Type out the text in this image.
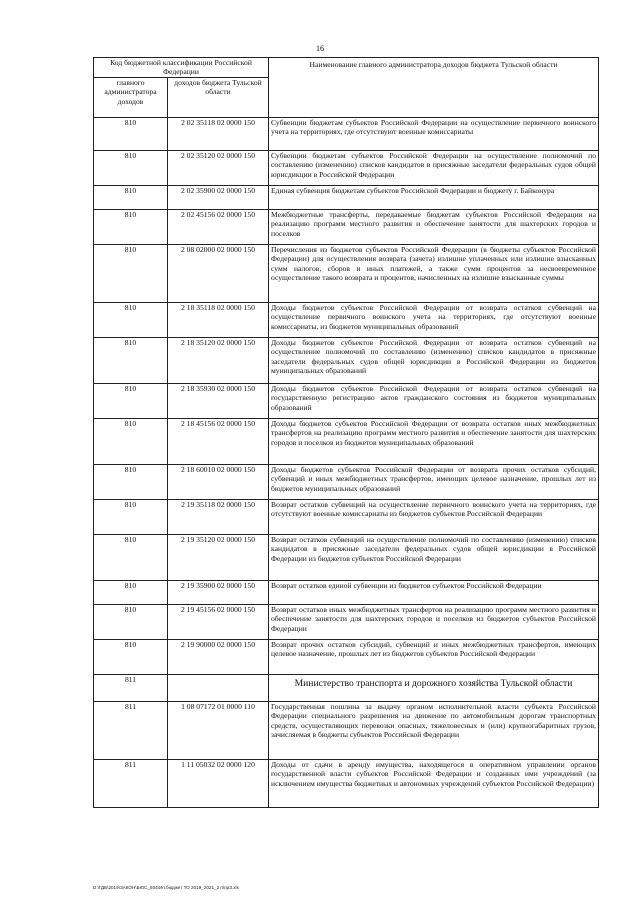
16
Код бюджетной классификации Российской Федерации		Наименование главного администратора доходов бюджета Тульской области
главного администратора доходов	доходов бюджета Тульской области	
810	2 02 35118 02 0000 150	Субвенции бюджетам субъектов Российской Федерации на осуществление первичного воинского учета на территориях, где отсутствуют военные комиссариаты
810	2 02 35120 02 0000 150	Субвенции бюджетам субъектов Российской Федерации на осуществление полномочий по составлению (изменению) списков кандидатов в присяжные заседатели федеральных судов общей юрисдикции в Российской Федерации
810	2 02 35900 02 0000 150	Единая субвенция бюджетам субъектов Российской Федерации и бюджету г. Байконура
810	2 02 45156 02 0000 150	Межбюджетные трансферты, передаваемые бюджетам субъектов Российской Федерации на реализацию программ местного развития и обеспечение занятости для шахтерских городов и поселков
810	2 08 02000 02 0000 150	Перечисления из бюджетов субъектов Российской Федерации (в бюджеты субъектов Российской Федерации) для осуществления возврата (зачета) излишне уплаченных или излишне взысканных сумм налогов, сборов и иных платежей, а также сумм процентов за несвоевременное осуществление такого возврата и процентов, начисленных на излишне взысканные суммы
810	2 18 35118 02 0000 150	Доходы бюджетов субъектов Российской Федерации от возврата остатков субвенций на осуществление первичного воинского учета на территориях, где отсутствуют военные комиссариаты, из бюджетов муниципальных образований
810	2 18 35120 02 0000 150	Доходы бюджетов субъектов Российской Федерации от возврата остатков субвенций на осуществление полномочий по составлению (изменению) списков кандидатов в присяжные заседатели федеральных судов общей юрисдикции в Российской Федерации из бюджетов муниципальных образований
810	2 18 35930 02 0000 150	Доходы бюджетов субъектов Российской Федерации от возврата остатков субвенций на государственную регистрацию актов гражданского состояния из бюджетов муниципальных образований
810	2 18 45156 02 0000 150	Доходы бюджетов субъектов Российской Федерации от возврата остатков иных межбюджетных трансфертов на реализацию программ местного развития и обеспечение занятости для шахтерских городов и поселков из бюджетов муниципальных образований
810	2 18 60010 02 0000 150	Доходы бюджетов субъектов Российской Федерации от возврата прочих остатков субсидий, субвенций и иных межбюджетных трансфертов, имеющих целевое назначение, прошлых лет из бюджетов муниципальных образований
810	2 19 35118 02 0000 150	Возврат остатков субвенций на осуществление первичного воинского учета на территориях, где отсутствуют военные комиссариаты из бюджетов субъектов Российской Федерации
810	2 19 35120 02 0000 150	Возврат остатков субвенций на осуществление полномочий по составлению (изменению) списков кандидатов в присяжные заседатели федеральных судов общей юрисдикции в Российской Федерации из бюджетов субъектов Российской Федерации
810	2 19 35900 02 0000 150	Возврат остатков единой субвенции из бюджетов субъектов Российской Федерации
810	2 19 45156 02 0000 150	Возврат остатков иных межбюджетных трансфертов на реализацию программ местного развития и обеспечение занятости для шахтерских городов и поселков из бюджетов субъектов Российской Федерации
810	2 19 90000 02 0000 150	Возврат прочих остатков субсидий, субвенций и иных межбюджетных трансфертов, имеющих целевое назначение, прошлых лет из бюджетов субъектов Российской Федерации
811		Министерство транспорта и дорожного хозяйства Тульской области
811	1 08 07172 01 0000 110	Государственная пошлина за выдачу органом исполнительной власти субъекта Российской Федерации специального разрешения на движение по автомобильным дорогам транспортных средств, осуществляющих перевозки опасных, тяжеловесных и (или) крупногабаритных грузов, зачисляемая в бюджеты субъектов Российской Федерации
811	1 11 05032 02 0000 120	Доходы от сдачи в аренду имущества, находящегося в оперативном управлении органов государственной власти субъектов Российской Федерации и созданных ими учреждений (за исключением имущества бюджетных и автономных учреждений субъектов Российской Федерации)
D:\ГДБ\2019\ЗАКОН\БЮС_604\Ип.бюджет ТО 2019_2021_2 п\прЗ.xls
